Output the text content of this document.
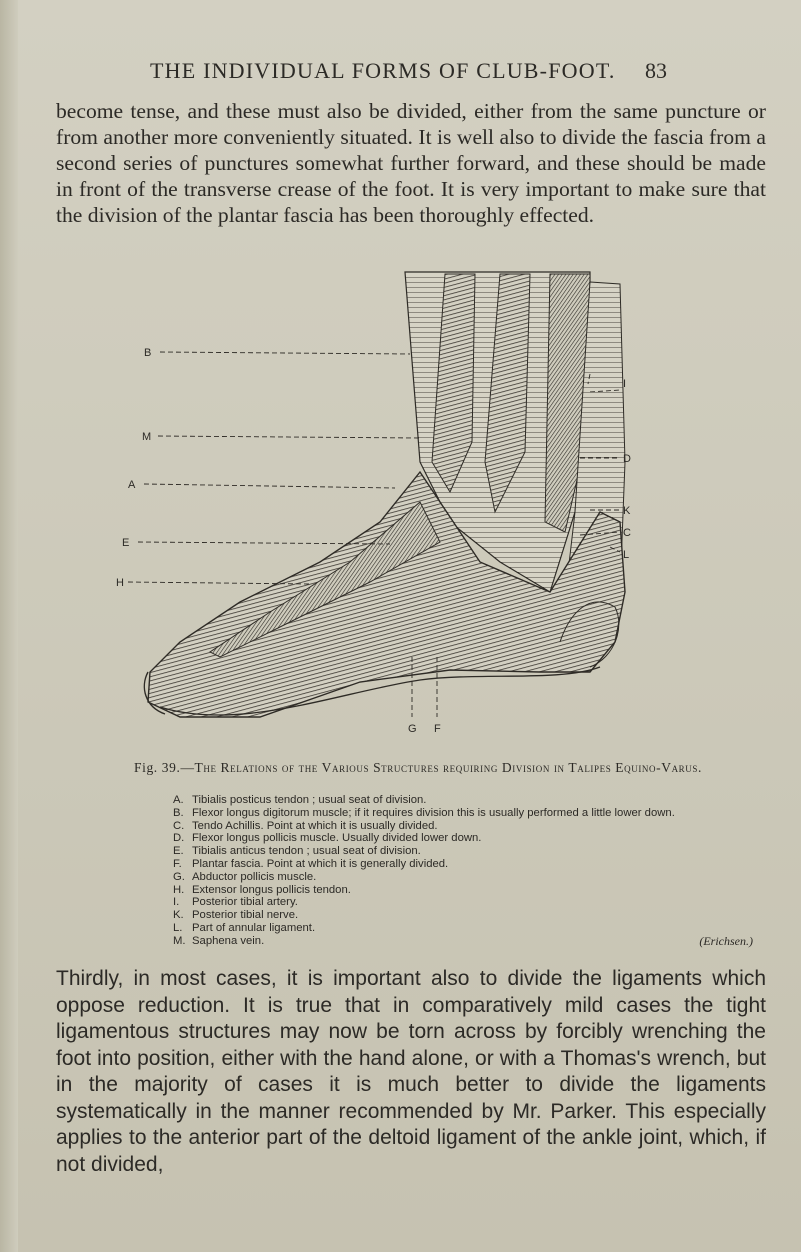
THE INDIVIDUAL FORMS OF CLUB-FOOT. 83

become tense, and these must also be divided, either from the same puncture or from another more conveniently situated. It is well also to divide the fascia from a second series of punctures somewhat further forward, and these should be made in front of the transverse crease of the foot. It is very important to make sure that the division of the plantar fascia has been thoroughly effected.

B
M
A
E
H
I
D
K
C
L
G F
Fig. 39.—The Relations of the Various Structures requiring Division in Talipes Equino-Varus.
A. Tibialis posticus tendon ; usual seat of division.
B. Flexor longus digitorum muscle; if it requires division this is usually performed a little lower down.
C. Tendo Achillis. Point at which it is usually divided.
D. Flexor longus pollicis muscle. Usually divided lower down.
E. Tibialis anticus tendon ; usual seat of division.
F. Plantar fascia. Point at which it is generally divided.
G. Abductor pollicis muscle.
H. Extensor longus pollicis tendon.
I. Posterior tibial artery.
K. Posterior tibial nerve.
L. Part of annular ligament.
M. Saphena vein.	(Erichsen.)

Thirdly, in most cases, it is important also to divide the ligaments which oppose reduction. It is true that in comparatively mild cases the tight ligamentous structures may now be torn across by forcibly wrenching the foot into position, either with the hand alone, or with a Thomas's wrench, but in the majority of cases it is much better to divide the ligaments systematically in the manner recommended by Mr. Parker. This especially applies to the anterior part of the deltoid ligament of the ankle joint, which, if not divided,
